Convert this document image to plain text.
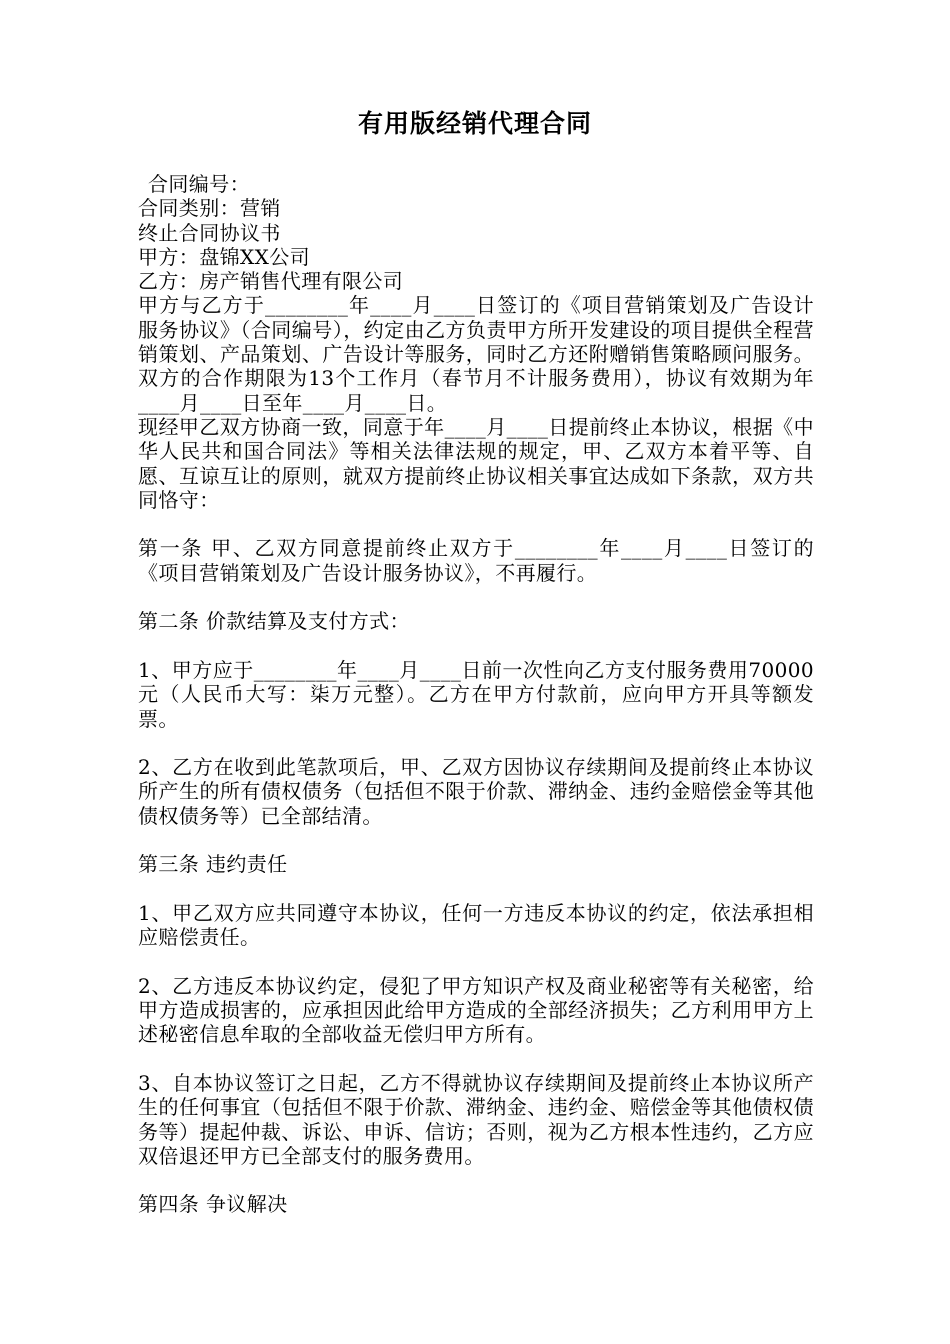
有用版经销代理合同

合同编号：

合同类别：营销

终止合同协议书

甲方：盘锦XX公司

乙方：房产销售代理有限公司

甲方与乙方于________年____月____日签订的《项目营销策划及广告设计服务协议》（合同编号），约定由乙方负责甲方所开发建设的项目提供全程营销策划、产品策划、广告设计等服务，同时乙方还附赠销售策略顾问服务。双方的合作期限为13个工作月（春节月不计服务费用），协议有效期为年____月____日至年____月____日。

现经甲乙双方协商一致，同意于年____月____日提前终止本协议，根据《中华人民共和国合同法》等相关法律法规的规定，甲、乙双方本着平等、自愿、互谅互让的原则，就双方提前终止协议相关事宜达成如下条款，双方共同恪守：

第一条 甲、乙双方同意提前终止双方于________年____月____日签订的《项目营销策划及广告设计服务协议》，不再履行。

第二条 价款结算及支付方式：

1、甲方应于________年____月____日前一次性向乙方支付服务费用70000元（人民币大写：柒万元整）。乙方在甲方付款前，应向甲方开具等额发票。

2、乙方在收到此笔款项后，甲、乙双方因协议存续期间及提前终止本协议所产生的所有债权债务（包括但不限于价款、滞纳金、违约金赔偿金等其他债权债务等）已全部结清。

第三条 违约责任

1、甲乙双方应共同遵守本协议，任何一方违反本协议的约定，依法承担相应赔偿责任。

2、乙方违反本协议约定，侵犯了甲方知识产权及商业秘密等有关秘密，给甲方造成损害的，应承担因此给甲方造成的全部经济损失；乙方利用甲方上述秘密信息牟取的全部收益无偿归甲方所有。

3、自本协议签订之日起，乙方不得就协议存续期间及提前终止本协议所产生的任何事宜（包括但不限于价款、滞纳金、违约金、赔偿金等其他债权债务等）提起仲裁、诉讼、申诉、信访；否则，视为乙方根本性违约，乙方应双倍退还甲方已全部支付的服务费用。

第四条 争议解决
